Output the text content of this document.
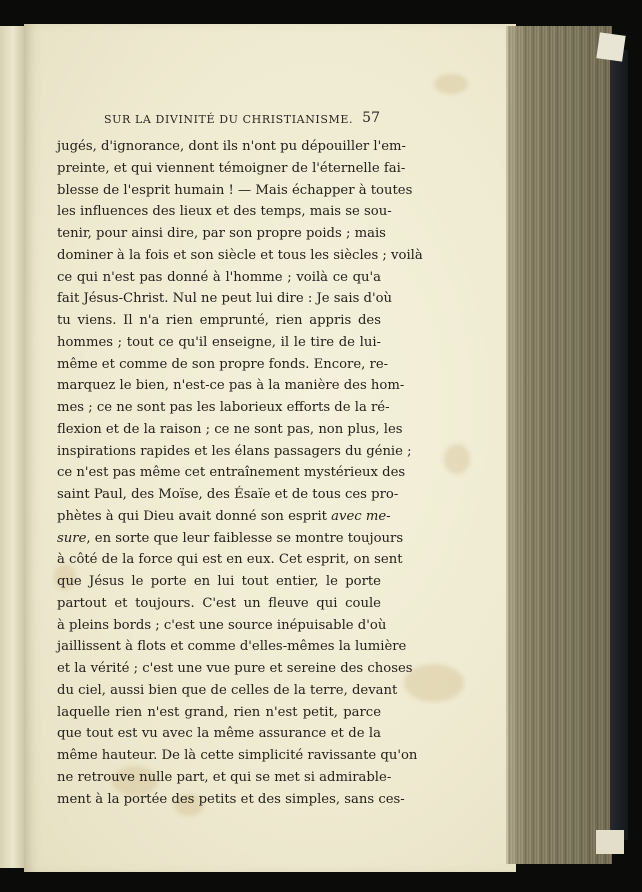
SUR LA DIVINITÉ DU CHRISTIANISME. 57
jugés, d'ignorance, dont ils n'ont pu dépouiller l'em-
preinte, et qui viennent témoigner de l'éternelle fai-
blesse de l'esprit humain ! — Mais échapper à toutes
les influences des lieux et des temps, mais se sou-
tenir, pour ainsi dire, par son propre poids ; mais
dominer à la fois et son siècle et tous les siècles ; voilà
ce qui n'est pas donné à l'homme ; voilà ce qu'a
fait Jésus-Christ. Nul ne peut lui dire : Je sais d'où
tu viens. Il n'a rien emprunté, rien appris des
hommes ; tout ce qu'il enseigne, il le tire de lui-
même et comme de son propre fonds. Encore, re-
marquez le bien, n'est-ce pas à la manière des hom-
mes ; ce ne sont pas les laborieux efforts de la ré-
flexion et de la raison ; ce ne sont pas, non plus, les
inspirations rapides et les élans passagers du génie ;
ce n'est pas même cet entraînement mystérieux des
saint Paul, des Moïse, des Ésaïe et de tous ces pro-
phètes à qui Dieu avait donné son esprit avec me-
sure, en sorte que leur faiblesse se montre toujours
à côté de la force qui est en eux. Cet esprit, on sent
que Jésus le porte en lui tout entier, le porte
partout et toujours. C'est un fleuve qui coule
à pleins bords ; c'est une source inépuisable d'où
jaillissent à flots et comme d'elles-mêmes la lumière
et la vérité ; c'est une vue pure et sereine des choses
du ciel, aussi bien que de celles de la terre, devant
laquelle rien n'est grand, rien n'est petit, parce
que tout est vu avec la même assurance et de la
même hauteur. De là cette simplicité ravissante qu'on
ne retrouve nulle part, et qui se met si admirable-
ment à la portée des petits et des simples, sans ces-
